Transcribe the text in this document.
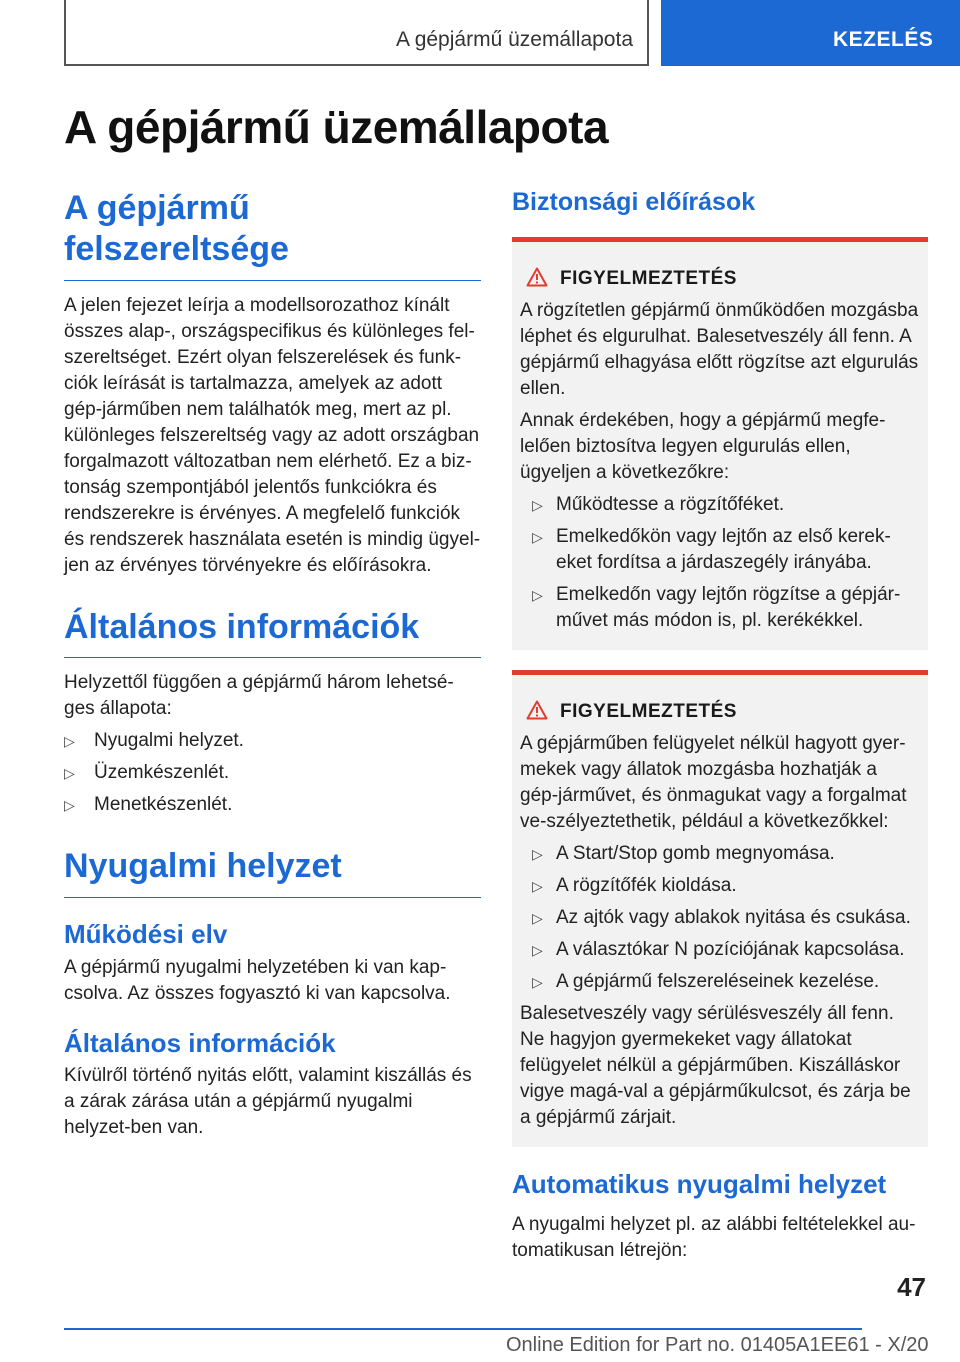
A gépjármű üzemállapota	KEZELÉS
A gépjármű üzemállapota
A gépjármű felszereltsége

A jelen fejezet leírja a modellsorozathoz kínált összes alap-, országspecifikus és különleges fel-szereltséget. Ezért olyan felszerelések és funk-ciók leírását is tartalmazza, amelyek az adott gép-járműben nem találhatók meg, mert az pl. különleges felszereltség vagy az adott országban forgalmazott változatban nem elérhető. Ez a biz-tonság szempontjából jelentős funkciókra és rendszerekre is érvényes. A megfelelő funkciók és rendszerek használata esetén is mindig ügyel-jen az érvényes törvényekre és előírásokra.

Általános információk

Helyzettől függően a gépjármű három lehetsé-ges állapota:

▷ Nyugalmi helyzet.
▷ Üzemkészenlét.
▷ Menetkészenlét.
Nyugalmi helyzet
Működési elv

A gépjármű nyugalmi helyzetében ki van kap-csolva. Az összes fogyasztó ki van kapcsolva.

Általános információk

Kívülről történő nyitás előtt, valamint kiszállás és a zárak zárása után a gépjármű nyugalmi helyzet-ben van.

Biztonsági előírások
FIGYELMEZTETÉS

A rögzítetlen gépjármű önműködően mozgásba léphet és elgurulhat. Balesetveszély áll fenn. A gépjármű elhagyása előtt rögzítse azt elgurulás ellen.

Annak érdekében, hogy a gépjármű megfe-lelően biztosítva legyen elgurulás ellen, ügyeljen a következőkre:

▷ Működtesse a rögzítőféket.
▷ Emelkedőkön vagy lejtőn az első kerek-eket fordítsa a járdaszegély irányába.
▷ Emelkedőn vagy lejtőn rögzítse a gépjár-művet más módon is, pl. kerékékkel.
FIGYELMEZTETÉS

A gépjárműben felügyelet nélkül hagyott gyer-mekek vagy állatok mozgásba hozhatják a gép-járművet, és önmagukat vagy a forgalmat ve-szélyeztethetik, például a következőkkel:

▷ A Start/Stop gomb megnyomása.
▷ A rögzítőfék kioldása.
▷ Az ajtók vagy ablakok nyitása és csukása.
▷ A választókar N pozíciójának kapcsolása.
▷ A gépjármű felszereléseinek kezelése.

Balesetveszély vagy sérülésveszély áll fenn. Ne hagyjon gyermekeket vagy állatokat felügyelet nélkül a gépjárműben. Kiszálláskor vigye magá-val a gépjárműkulcsot, és zárja be a gépjármű zárjait.

Automatikus nyugalmi helyzet

A nyugalmi helyzet pl. az alábbi feltételekkel au-tomatikusan létrejön:

47
Online Edition for Part no. 01405A1EE61 - X/20
